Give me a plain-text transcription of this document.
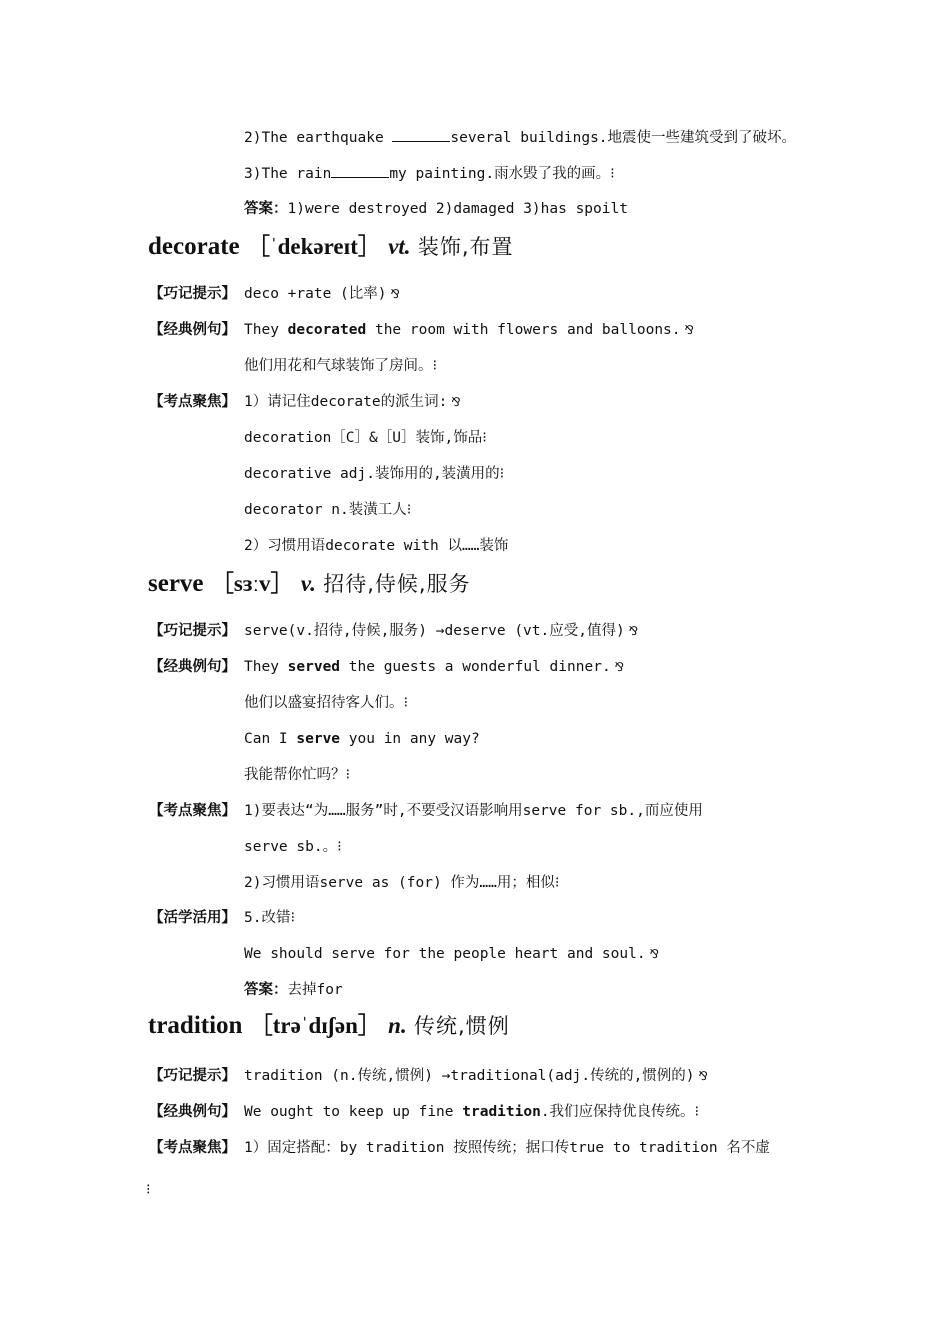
2)The earthquake	several buildings.地震使一些建筑受到了破坏。
3)The rain	my painting.雨水毁了我的画。⁝
答案：1)were destroyed 2)damaged 3)has spoilt
decorate ［ˈdekəreɪt］ vt. 装饰,布置
【巧记提示】 deco +rate (比率) ⅋
【经典例句】 They decorated the room with flowers and balloons. ⅋
他们用花和气球装饰了房间。⁝
【考点聚焦】 1）请记住decorate的派生词: ⅋
decoration［C］&［U］装饰,饰品⁝
decorative adj.装饰用的,装潢用的⁝
decorator n.装潢工人⁝
2）习惯用语decorate with 以……装饰
serve ［sɜːv］ v. 招待,侍候,服务
【巧记提示】 serve(v.招待,侍候,服务) →deserve (vt.应受,值得) ⅋
【经典例句】 They served the guests a wonderful dinner. ⅋
他们以盛宴招待客人们。⁝
Can I serve you in any way?
我能帮你忙吗？⁝
【考点聚焦】 1)要表达“为……服务”时,不要受汉语影响用serve for sb.,而应使用
serve sb.。⁝
2)习惯用语serve as (for) 作为……用；相似⁝
【活学活用】 5.改错⁝
We should serve for the people heart and soul. ⅋
答案：去掉for
tradition ［trəˈdɪʃən］ n. 传统,惯例
【巧记提示】 tradition (n.传统,惯例) →traditional(adj.传统的,惯例的) ⅋
【经典例句】 We ought to keep up fine tradition.我们应保持优良传统。⁝
【考点聚焦】 1）固定搭配：by tradition 按照传统；据口传true to tradition 名不虚
⁝
